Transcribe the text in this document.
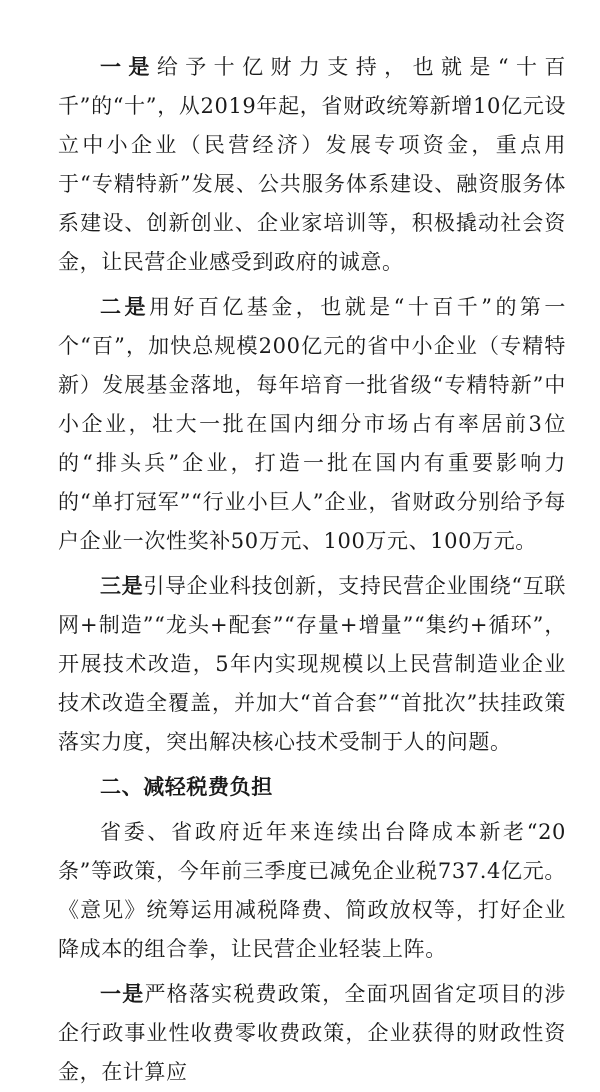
一是给予十亿财力支持，也就是“十百千”的“十”，从2019年起，省财政统筹新增10亿元设立中小企业（民营经济）发展专项资金，重点用于“专精特新”发展、公共服务体系建设、融资服务体系建设、创新创业、企业家培训等，积极撬动社会资金，让民营企业感受到政府的诚意。

二是用好百亿基金，也就是“十百千”的第一个“百”，加快总规模200亿元的省中小企业（专精特新）发展基金落地，每年培育一批省级“专精特新”中小企业，壮大一批在国内细分市场占有率居前3位的“排头兵”企业，打造一批在国内有重要影响力的“单打冠军”“行业小巨人”企业，省财政分别给予每户企业一次性奖补50万元、100万元、100万元。

三是引导企业科技创新，支持民营企业围绕“互联网+制造”“龙头+配套”“存量+增量”“集约+循环”，开展技术改造，5年内实现规模以上民营制造业企业技术改造全覆盖，并加大“首合套”“首批次”扶挂政策落实力度，突出解决核心技术受制于人的问题。

二、减轻税费负担

省委、省政府近年来连续出台降成本新老“20条”等政策，今年前三季度已减免企业税737.4亿元。《意见》统筹运用减税降费、简政放权等，打好企业降成本的组合拳，让民营企业轻装上阵。

一是严格落实税费政策，全面巩固省定项目的涉企行政事业性收费零收费政策，企业获得的财政性资金，在计算应
